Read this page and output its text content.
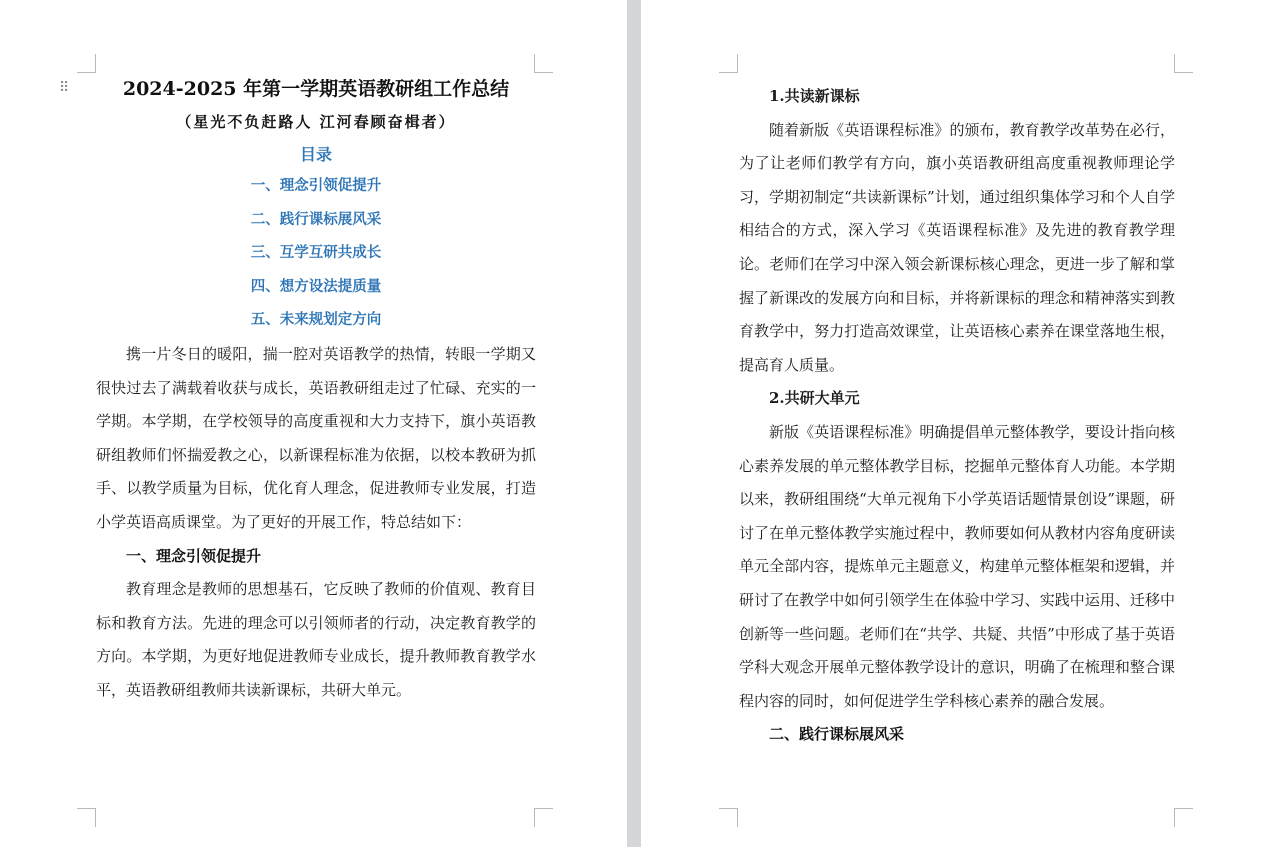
⠿	2024-2025 年第一学期英语教研组工作总结

（星光不负赶路人 江河春顾奋楫者）

目录

一、理念引领促提升
二、践行课标展风采
三、互学互研共成长
四、想方设法提质量
五、未来规划定方向

携一片冬日的暖阳，揣一腔对英语教学的热情，转眼一学期又很快过去了满载着收获与成长，英语教研组走过了忙碌、充实的一学期。本学期，在学校领导的高度重视和大力支持下，旗小英语教研组教师们怀揣爱教之心，以新课程标准为依据，以校本教研为抓手、以教学质量为目标，优化育人理念，促进教师专业发展，打造小学英语高质课堂。为了更好的开展工作，特总结如下：

一、理念引领促提升

教育理念是教师的思想基石，它反映了教师的价值观、教育目标和教育方法。先进的理念可以引领师者的行动，决定教育教学的方向。本学期，为更好地促进教师专业成长，提升教师教育教学水平，英语教研组教师共读新课标，共研大单元。

1.共读新课标

随着新版《英语课程标准》的颁布，教育教学改革势在必行，为了让老师们教学有方向，旗小英语教研组高度重视教师理论学习，学期初制定“共读新课标”计划，通过组织集体学习和个人自学相结合的方式，深入学习《英语课程标准》及先进的教育教学理论。老师们在学习中深入领会新课标核心理念，更进一步了解和掌握了新课改的发展方向和目标，并将新课标的理念和精神落实到教育教学中，努力打造高效课堂，让英语核心素养在课堂落地生根，提高育人质量。

2.共研大单元

新版《英语课程标准》明确提倡单元整体教学，要设计指向核心素养发展的单元整体教学目标，挖掘单元整体育人功能。本学期以来，教研组围绕“大单元视角下小学英语话题情景创设”课题，研讨了在单元整体教学实施过程中，教师要如何从教材内容角度研读单元全部内容，提炼单元主题意义，构建单元整体框架和逻辑，并研讨了在教学中如何引领学生在体验中学习、实践中运用、迁移中创新等一些问题。老师们在“共学、共疑、共悟”中形成了基于英语学科大观念开展单元整体教学设计的意识，明确了在梳理和整合课程内容的同时，如何促进学生学科核心素养的融合发展。

二、践行课标展风采
